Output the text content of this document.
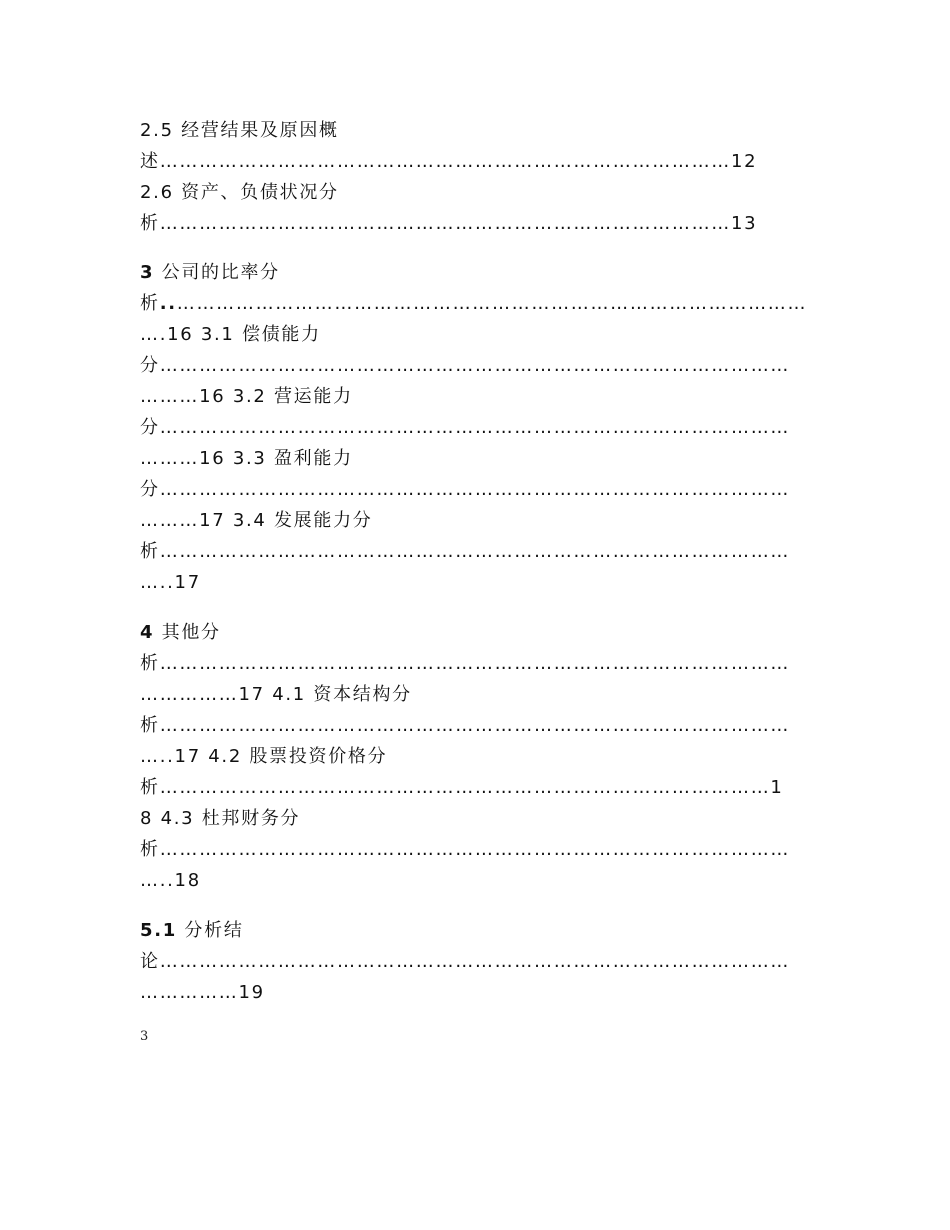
2.5 经营结果及原因概
述……………………………………………………………………………12
2.6 资产、负债状况分
析……………………………………………………………………………13
3 公司的比率分
析..……………………………………………………………………………………
….16 3.1 偿债能力
分……………………………………………………………………………………
………16 3.2 营运能力
分……………………………………………………………………………………
………16 3.3 盈利能力
分……………………………………………………………………………………
………17 3.4 发展能力分
析……………………………………………………………………………………
…..17
4 其他分
析……………………………………………………………………………………
……………17 4.1 资本结构分
析……………………………………………………………………………………
…..17 4.2 股票投资价格分
析…………………………………………………………………………………1
8 4.3 杜邦财务分
析……………………………………………………………………………………
…..18
5.1 分析结
论……………………………………………………………………………………
……………19
3
